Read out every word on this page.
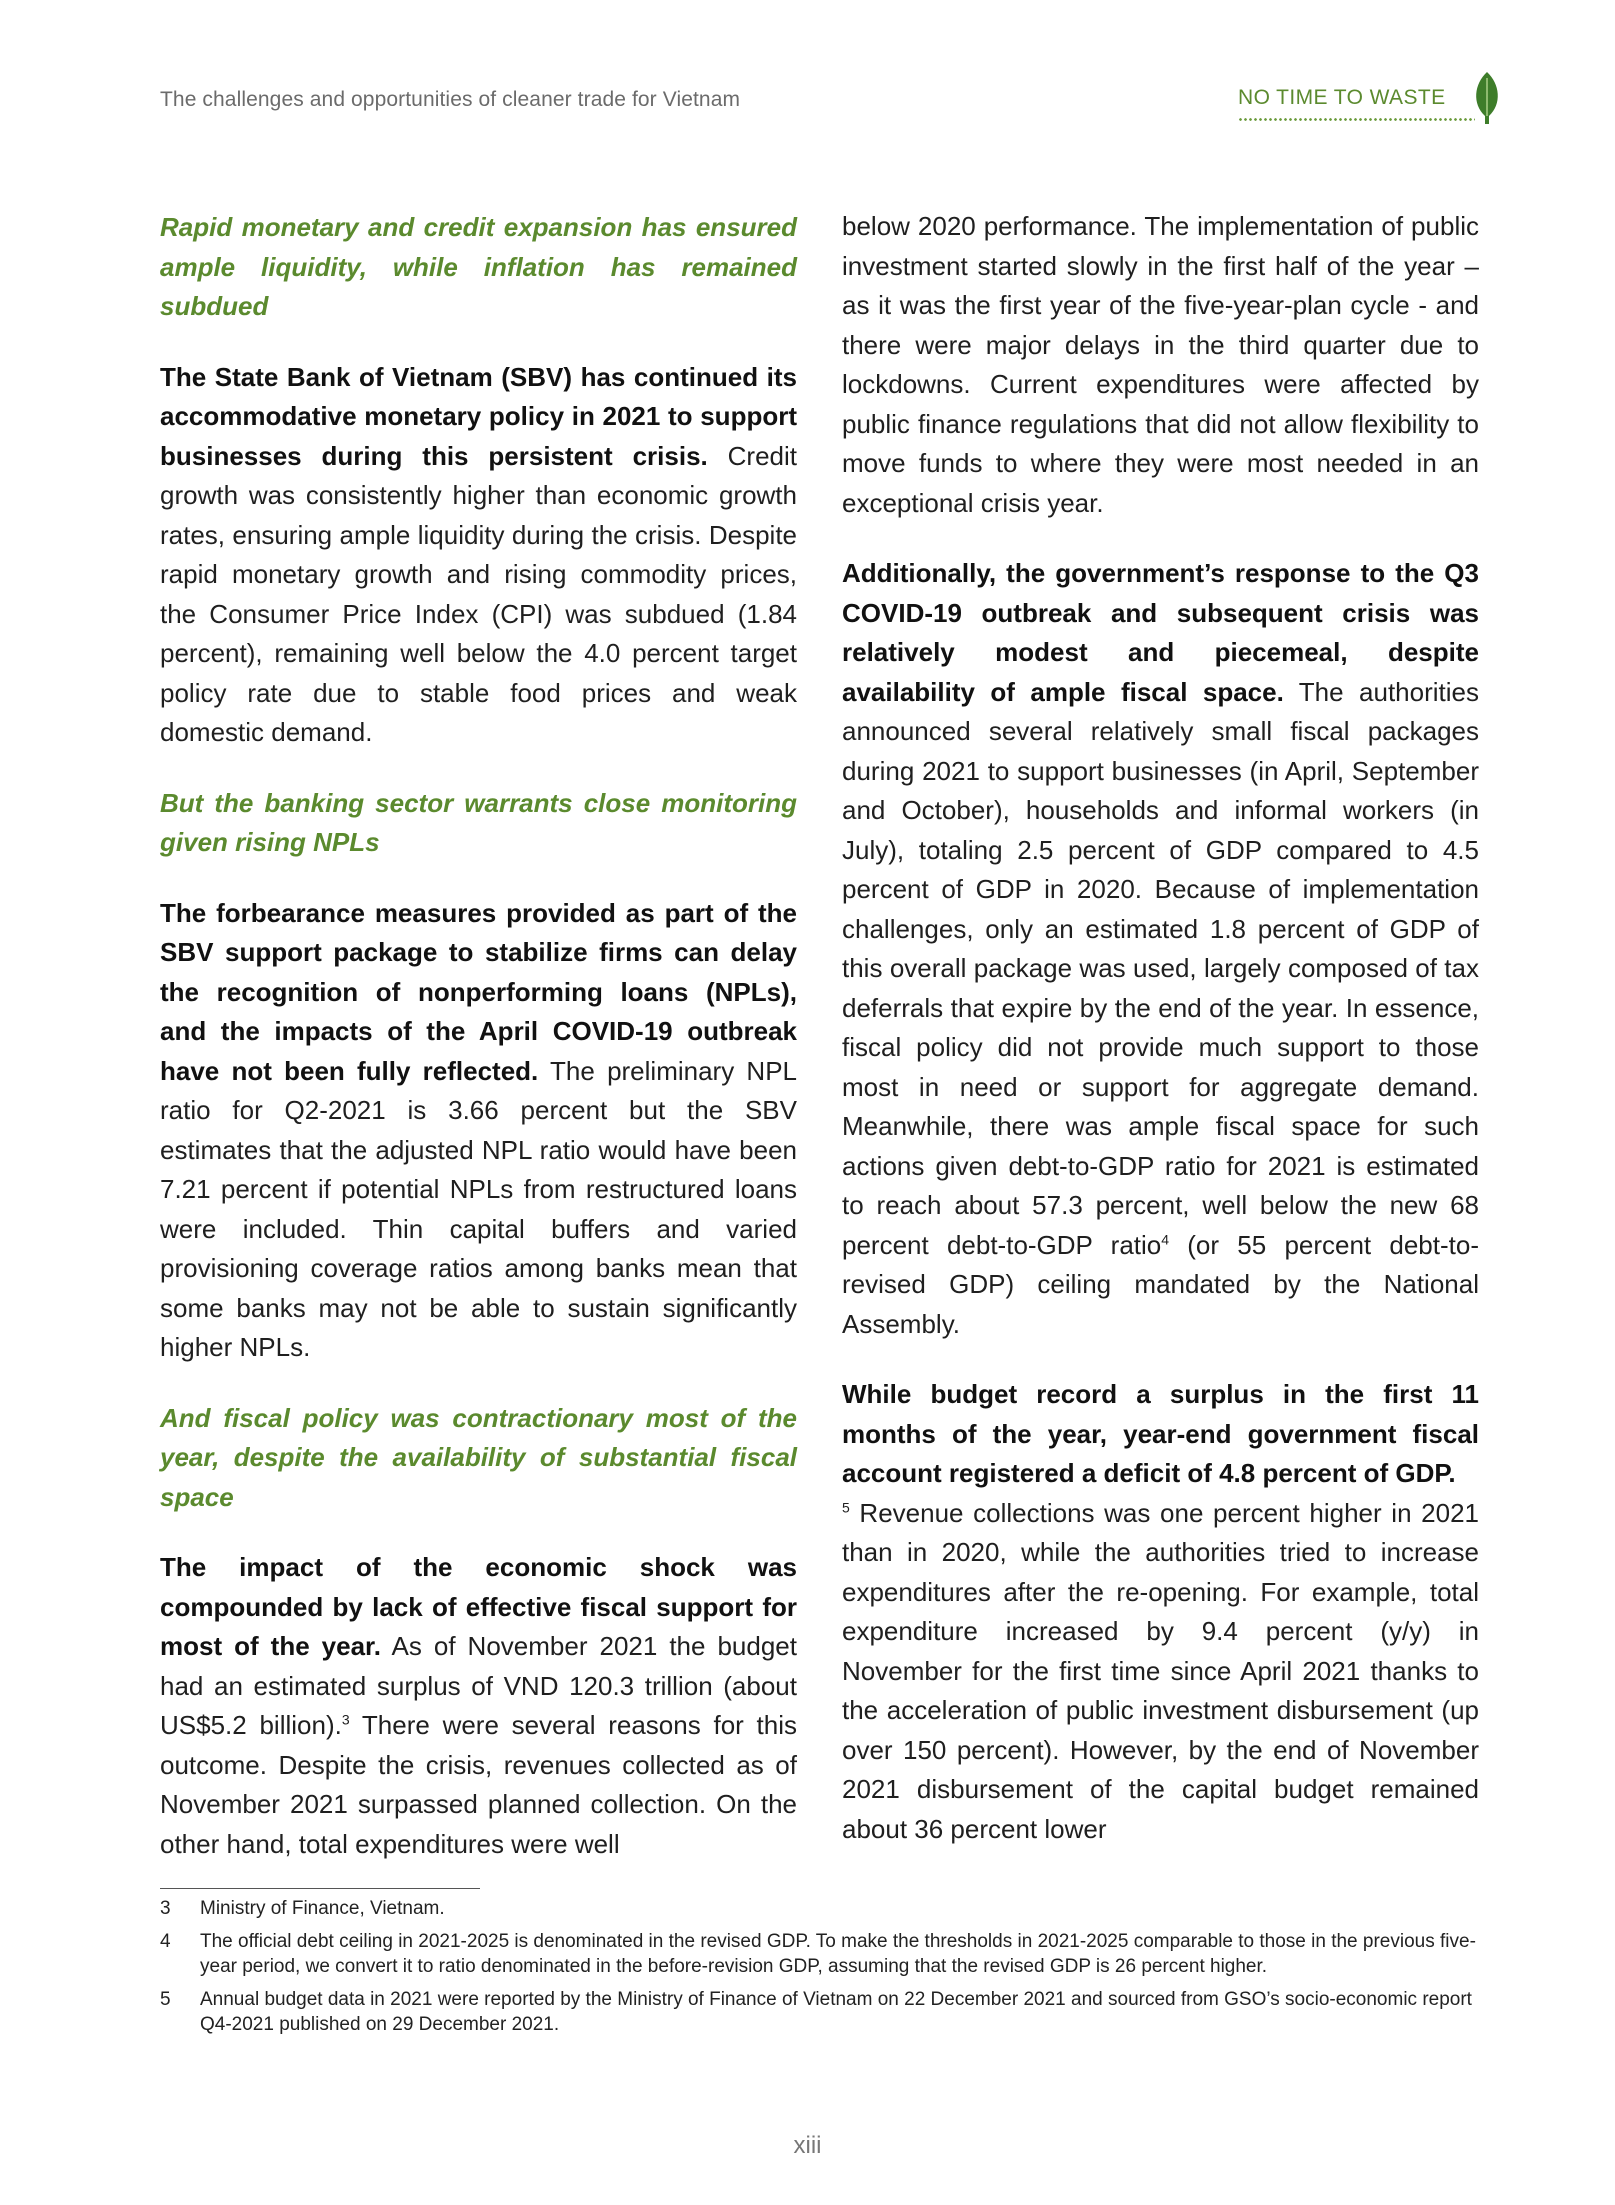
The challenges and opportunities of cleaner trade for Vietnam	NO TIME TO WASTE

Rapid monetary and credit expansion has ensured ample liquidity, while inflation has remained subdued

The State Bank of Vietnam (SBV) has continued its accommodative monetary policy in 2021 to support businesses during this persistent crisis. Credit growth was consistently higher than economic growth rates, ensuring ample liquidity during the crisis. Despite rapid monetary growth and rising commodity prices, the Consumer Price Index (CPI) was subdued (1.84 percent), remaining well below the 4.0 percent target policy rate due to stable food prices and weak domestic demand.

But the banking sector warrants close monitoring given rising NPLs

The forbearance measures provided as part of the SBV support package to stabilize firms can delay the recognition of nonperforming loans (NPLs), and the impacts of the April COVID-19 outbreak have not been fully reflected. The preliminary NPL ratio for Q2-2021 is 3.66 percent but the SBV estimates that the adjusted NPL ratio would have been 7.21 percent if potential NPLs from restructured loans were included. Thin capital buffers and varied provisioning coverage ratios among banks mean that some banks may not be able to sustain significantly higher NPLs.

And fiscal policy was contractionary most of the year, despite the availability of substantial fiscal space

The impact of the economic shock was compounded by lack of effective fiscal support for most of the year. As of November 2021 the budget had an estimated surplus of VND 120.3 trillion (about US$5.2 billion).$^3$ There were several reasons for this outcome. Despite the crisis, revenues collected as of November 2021 surpassed planned collection. On the other hand, total expenditures were well

below 2020 performance. The implementation of public investment started slowly in the first half of the year – as it was the first year of the five-year-plan cycle - and there were major delays in the third quarter due to lockdowns. Current expenditures were affected by public finance regulations that did not allow flexibility to move funds to where they were most needed in an exceptional crisis year.

Additionally, the government’s response to the Q3 COVID-19 outbreak and subsequent crisis was relatively modest and piecemeal, despite availability of ample fiscal space. The authorities announced several relatively small fiscal packages during 2021 to support businesses (in April, September and October), households and informal workers (in July), totaling 2.5 percent of GDP compared to 4.5 percent of GDP in 2020. Because of implementation challenges, only an estimated 1.8 percent of GDP of this overall package was used, largely composed of tax deferrals that expire by the end of the year. In essence, fiscal policy did not provide much support to those most in need or support for aggregate demand. Meanwhile, there was ample fiscal space for such actions given debt-to-GDP ratio for 2021 is estimated to reach about 57.3 percent, well below the new 68 percent debt-to-GDP ratio$^4$ (or 55 percent debt-to-revised GDP) ceiling mandated by the National Assembly.

While budget record a surplus in the first 11 months of the year, year-end government fiscal account registered a deficit of 4.8 percent of GDP.
$^5$ Revenue collections was one percent higher in 2021 than in 2020, while the authorities tried to increase expenditures after the re-opening. For example, total expenditure increased by 9.4 percent (y/y) in November for the first time since April 2021 thanks to the acceleration of public investment disbursement (up over 150 percent). However, by the end of November 2021 disbursement of the capital budget remained about 36 percent lower

3	Ministry of Finance, Vietnam.
4	The official debt ceiling in 2021-2025 is denominated in the revised GDP. To make the thresholds in 2021-2025 comparable to those in the previous five-year period, we convert it to ratio denominated in the before-revision GDP, assuming that the revised GDP is 26 percent higher.
5	Annual budget data in 2021 were reported by the Ministry of Finance of Vietnam on 22 December 2021 and sourced from GSO’s socio-economic report Q4-2021 published on 29 December 2021.
xiii
